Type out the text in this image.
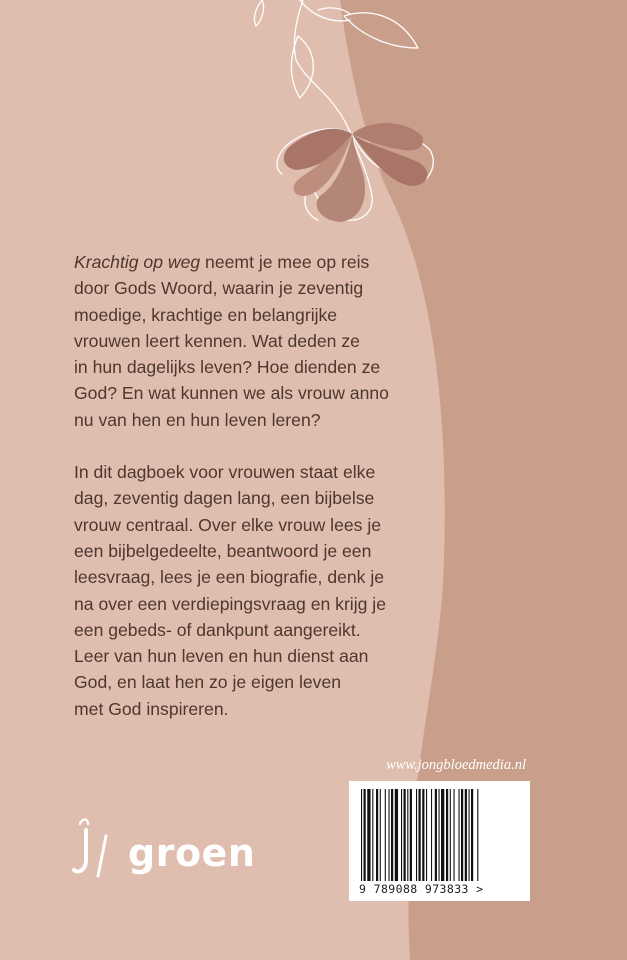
Krachtig op weg neemt je mee op reis
door Gods Woord, waarin je zeventig
moedige, krachtige en belangrijke
vrouwen leert kennen. Wat deden ze
in hun dagelijks leven? Hoe dienden ze
God? En wat kunnen we als vrouw anno
nu van hen en hun leven leren?

In dit dagboek voor vrouwen staat elke
dag, zeventig dagen lang, een bijbelse
vrouw centraal. Over elke vrouw lees je
een bijbelgedeelte, beantwoord je een
leesvraag, lees je een biografie, denk je
na over een verdiepingsvraag en krijg je
een gebeds- of dankpunt aangereikt.
Leer van hun leven en hun dienst aan
God, en laat hen zo je eigen leven
met God inspireren.

www.jongbloedmedia.nl
9 789088 973833 >
groen
